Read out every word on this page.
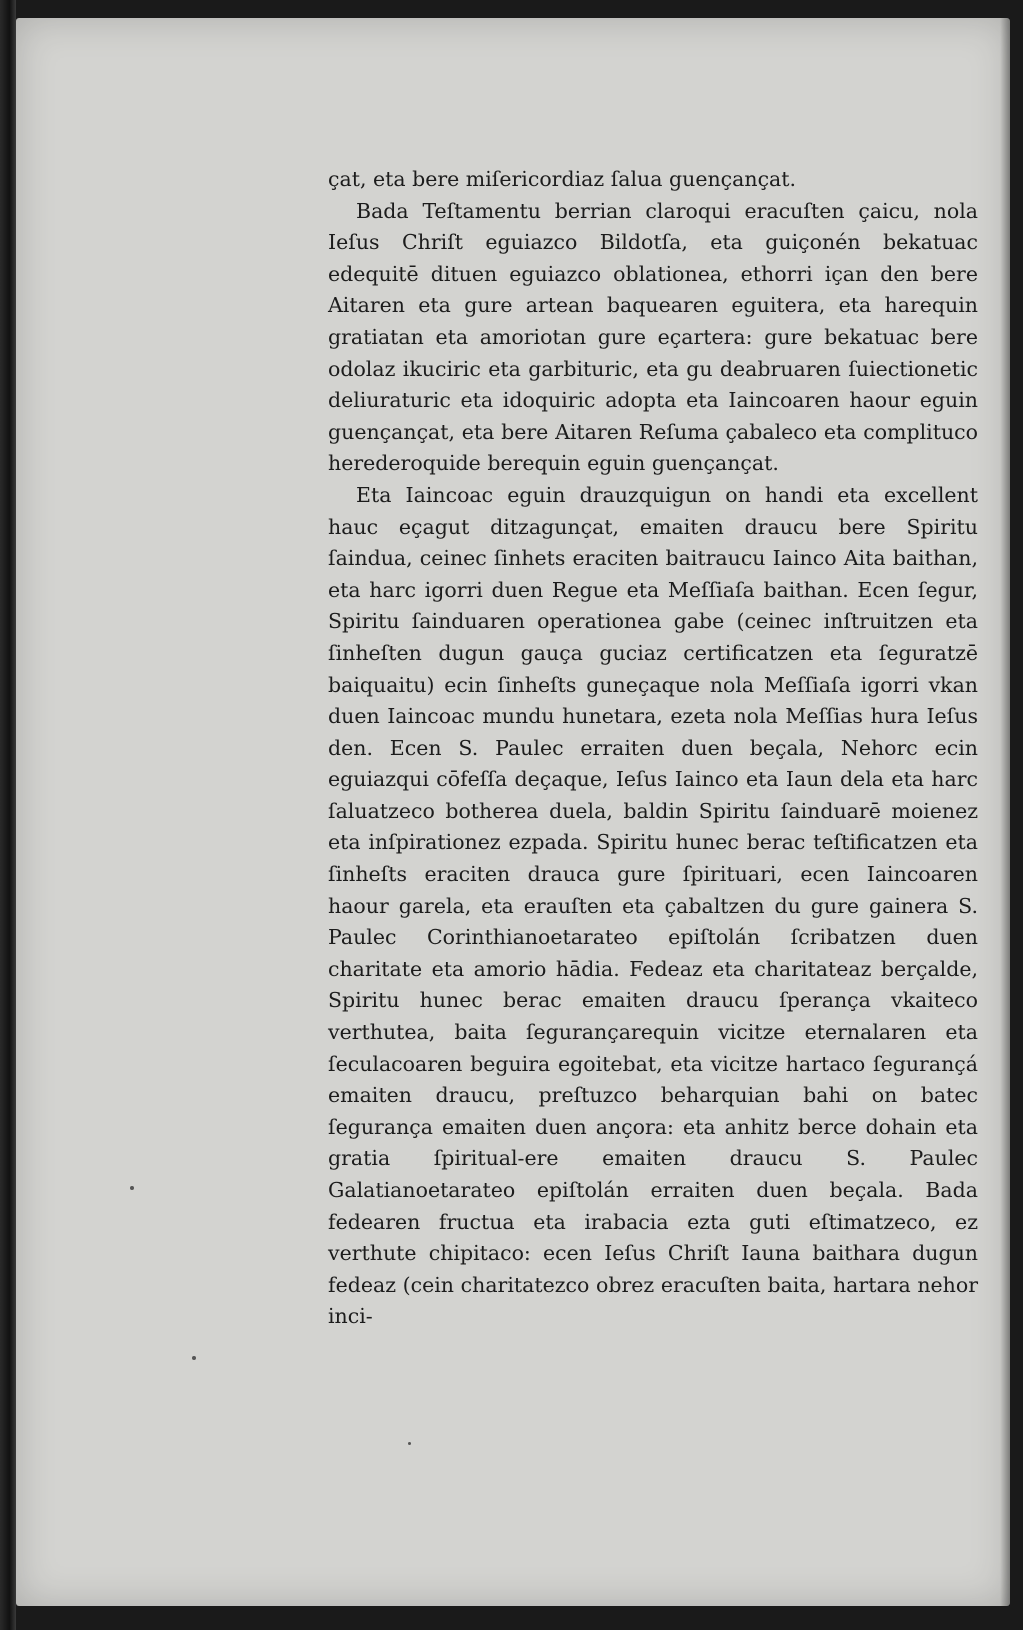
çat, eta bere miſericordiaz ſalua guençançat.

Bada Teſtamentu berrian claroqui eracuſten çaicu, nola Ieſus Chriſt eguiazco Bildotſa, eta guiçonén bekatuac edequitē dituen eguiazco oblationea, ethorri içan den bere Aitaren eta gure artean baquearen eguitera, eta harequin gratiatan eta amoriotan gure eçartera: gure bekatuac bere odolaz ikuciric eta garbituric, eta gu deabruaren ſuiectionetic deliuraturic eta idoquiric adopta eta Iaincoaren haour eguin guençançat, eta bere Aitaren Reſuma çabaleco eta complituco herederoquide berequin eguin guençançat.

Eta Iaincoac eguin drauzquigun on handi eta excellent hauc eçagut ditzagunçat, emaiten draucu bere Spiritu ſaindua, ceinec ſinhets eraciten baitraucu Iainco Aita baithan, eta harc igorri duen Regue eta Meſſiaſa baithan. Ecen ſegur, Spiritu ſainduaren operationea gabe (ceinec inſtruitzen eta ſinheſten dugun gauça guciaz certificatzen eta ſeguratzē baiquaitu) ecin ſinheſts guneçaque nola Meſſiaſa igorri vkan duen Iaincoac mundu hunetara, ezeta nola Meſſias hura Ieſus den. Ecen S. Paulec erraiten duen beçala, Nehorc ecin eguiazqui cōfeſſa deçaque, Ieſus Iainco eta Iaun dela eta harc ſaluatzeco botherea duela, baldin Spiritu ſainduarē moienez eta inſpirationez ezpada. Spiritu hunec berac teſtificatzen eta ſinheſts eraciten drauca gure ſpirituari, ecen Iaincoaren haour garela, eta erauſten eta çabaltzen du gure gainera S. Paulec Corinthianoetarateo epiſtolán ſcribatzen duen charitate eta amorio hādia. Fedeaz eta charitateaz berçalde, Spiritu hunec berac emaiten draucu ſperança vkaiteco verthutea, baita ſegurançarequin vicitze eternalaren eta ſeculacoaren beguira egoitebat, eta vicitze hartaco ſegurançá emaiten draucu, preſtuzco beharquian bahi on batec ſegurança emaiten duen ançora: eta anhitz berce dohain eta gratia ſpiritual-ere emaiten draucu S. Paulec Galatianoetarateo epiſtolán erraiten duen beçala. Bada fedearen fructua eta irabacia ezta guti eſtimatzeco, ez verthute chipitaco: ecen Ieſus Chriſt Iauna baithara dugun fedeaz (cein charitatezco obrez eracuſten baita, hartara nehor inci-
